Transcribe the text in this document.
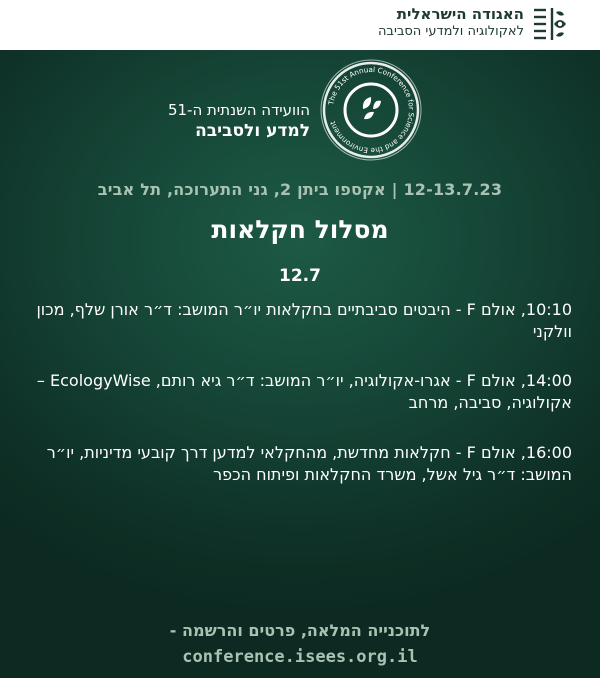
האגודה הישראלית
לאקולוגיה ולמדעי הסביבה
The 51st Annual Conference for Science and the Environment
הוועידה השנתית ה-51
למדע ולסביבה
12-13.7.23 | אקספו ביתן 2, גני התערוכה, תל אביב
מסלול חקלאות
12.7
10:10, אולם F - היבטים סביבתיים בחקלאות יו״ר המושב: ד״ר אורן שלף, מכון וולקני
14:00, אולם F - אגרו-אקולוגיה, יו״ר המושב: ד״ר גיא רותם, EcologyWise – אקולוגיה, סביבה, מרחב
16:00, אולם F - חקלאות מחדשת, מהחקלאי למדען דרך קובעי מדיניות, יו״ר המושב: ד״ר גיל אשל, משרד החקלאות ופיתוח הכפר
לתוכנייה המלאה, פרטים והרשמה -
conference.isees.org.il
